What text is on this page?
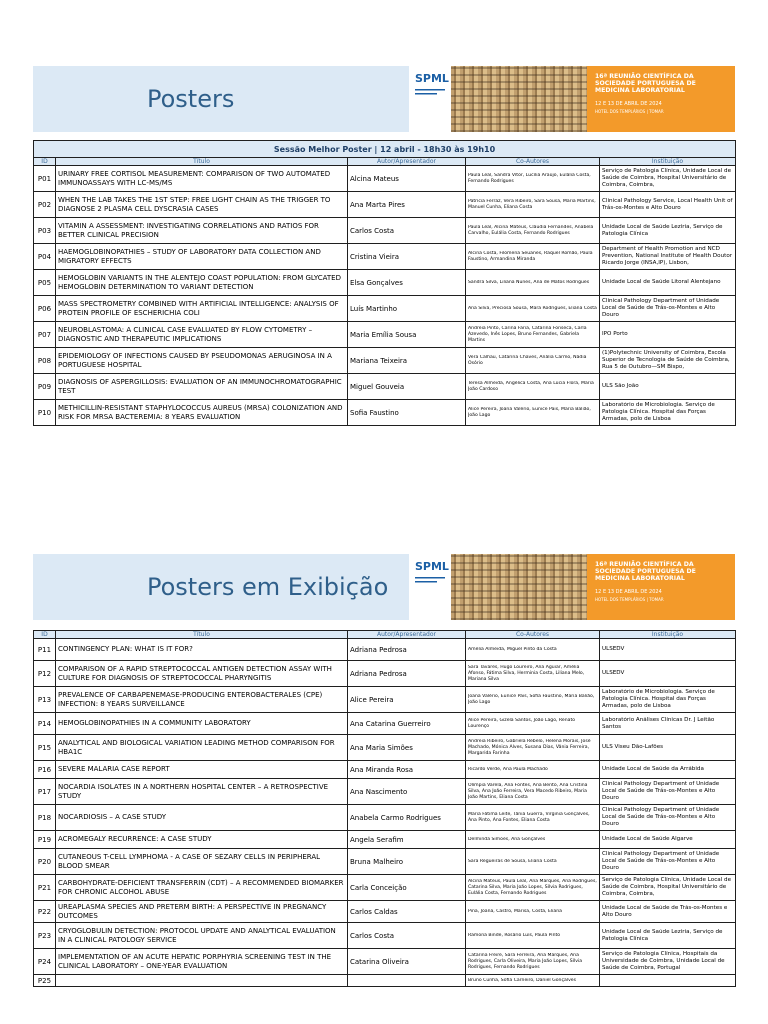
Posters
SPML	16ª REUNIÃO CIENTÍFICA DA SOCIEDADE PORTUGUESA DE MEDICINA LABORATORIAL
12 E 13 DE ABRIL DE 2024
HOTEL DOS TEMPLÁRIOS | TOMAR
Sessão Melhor Poster | 12 abril - 18h30 às 19h10				
ID	Título	Autor/Apresentador	Co-Autores	Instituição

P01	URINARY FREE CORTISOL MEASUREMENT: COMPARISON OF TWO AUTOMATED IMMUNOASSAYS WITH LC-MS/MS	Alcina Mateus	Paula Leal, Sandra Vítor, Lucília Araújo, Eulália Costa, Fernando Rodrigues	Serviço de Patologia Clínica, Unidade Local de Saúde de Coimbra, Hospital Universitário de Coimbra, Coimbra,

P02	WHEN THE LAB TAKES THE 1ST STEP: FREE LIGHT CHAIN AS THE TRIGGER TO DIAGNOSE 2 PLASMA CELL DYSCRASIA CASES	Ana Marta Pires	Patrícia Ferraz, Vera Ribeiro, Sara Sousa, Maria Martins, Manuel Cunha, Eliana Costa	Clinical Pathology Service, Local Health Unit of Trás-os-Montes e Alto Douro

P03	VITAMIN A ASSESSMENT: INVESTIGATING CORRELATIONS AND RATIOS FOR BETTER CLINICAL PRECISION	Carlos Costa	Paula Leal, Alcina Mateus, Cláudia Fernandes, Anabela Carvalho, Eulália Costa, Fernando Rodrigues	Unidade Local de Saúde Lezíria, Serviço de Patologia Clínica

P04	HAEMOGLOBINOPATHIES – STUDY OF LABORATORY DATA COLLECTION AND MIGRATORY EFFECTS	Cristina Vieira	Alcina Costa, Filomena Seuanes, Raquel Romão, Paula Faustino, Armandina Miranda	Department of Health Promotion and NCD Prevention, National Institute of Health Doutor Ricardo Jorge (INSA,IP), Lisbon,

P05	HEMOGLOBIN VARIANTS IN THE ALENTEJO COAST POPULATION: FROM GLYCATED HEMOGLOBIN DETERMINATION TO VARIANT DETECTION	Elsa Gonçalves	Sandra Silva, Liliana Nunes, Ana de Matos Rodrigues	Unidade Local de Saúde Litoral Alentejano

P06	MASS SPECTROMETRY COMBINED WITH ARTIFICIAL INTELLIGENCE: ANALYSIS OF PROTEIN PROFILE OF ESCHERICHIA COLI	Luís Martinho	Ana Silva, Preciosa Sousa, Mara Rodrigues, Eliana Costa	Clinical Pathology Department of Unidade Local de Saúde de Trás-os-Montes e Alto Douro

P07	NEUROBLASTOMA: A CLINICAL CASE EVALUATED BY FLOW CYTOMETRY – DIAGNOSTIC AND THERAPEUTIC IMPLICATIONS	Maria Emília Sousa	Andreia Pinto, Carina Faria, Catarina Fonseca, Carla Azevedo, Inês Lopes, Bruno Fernandes, Gabriela Martins	IPO Porto

P08	EPIDEMIOLOGY OF INFECTIONS CAUSED BY PSEUDOMONAS AERUGINOSA IN A PORTUGUESE HOSPITAL	Mariana Teixeira	Vera Calhau, Catarina Chaves, Anália Carmo, Nádia Osório	(1)Polytechnic University of Coimbra, Escola Superior de Tecnologia de Saúde de Coimbra, Rua 5 de Outubro—SM Bispo,

P09	DIAGNOSIS OF ASPERGILLOSIS: EVALUATION OF AN IMMUNOCHROMATOGRAPHIC TEST	Miguel Gouveia	Teresa Almeida, Angélica Costa, Ana Lúcia Flora, Maria João Cardoso	ULS São João

P10	METHICILLIN-RESISTANT STAPHYLOCOCCUS AUREUS (MRSA) COLONIZATION AND RISK FOR MRSA BACTEREMIA: 8 YEARS EVALUATION	Sofia Faustino	Alice Pereira, Joana Valério, Eunice Pais, Maria Balião, João Lago	Laboratório de Microbiologia. Serviço de Patologia Clínica. Hospital das Forças Armadas, polo de Lisboa
Posters em Exibição
SPML	16ª REUNIÃO CIENTÍFICA DA SOCIEDADE PORTUGUESA DE MEDICINA LABORATORIAL
12 E 13 DE ABRIL DE 2024
HOTEL DOS TEMPLÁRIOS | TOMAR
ID	Título	Autor/Apresentador	Co-Autores	Instituição

P11	CONTINGENCY PLAN: WHAT IS IT FOR?	Adriana Pedrosa	Amélia Almeida, Miguel Pinto da Costa	ULSEDV

P12	COMPARISON OF A RAPID STREPTOCOCCAL ANTIGEN DETECTION ASSAY WITH CULTURE FOR DIAGNOSIS OF STREPTOCOCCAL PHARYNGITIS	Adriana Pedrosa	Sara Tavares, Hugo Loureiro, Ana Aguiar, Amélia Afonso, Fátima Silva, Herminia Costa, Liliana Melo, Mariana Silva	ULSEDV

P13	PREVALENCE OF CARBAPENEMASE-PRODUCING ENTEROBACTERALES (CPE) INFECTION: 8 YEARS SURVEILLANCE	Alice Pereira	Joana Valério, Eunice Pais, Sofia Faustino, Maria Balião, João Lago	Laboratório de Microbiologia. Serviço de Patologia Clínica. Hospital das Forças Armadas, polo de Lisboa

P14	HEMOGLOBINOPATHIES IN A COMMUNITY LABORATORY	Ana Catarina Guerreiro	Alice Pereira, Gizela Santos, João Lago, Renato Lourenço	Laboratório Análises Clínicas Dr. J Leitão Santos

P15	ANALYTICAL AND BIOLOGICAL VARIATION LEADING METHOD COMPARISON FOR HBA1C	Ana Maria Simões	Andreia Ribeiro, Gabriela Rebelo, Helena Morais, José Machado, Mónica Alves, Susana Dias, Vânia Ferreira, Margarida Farinha	ULS Viseu Dão-Lafões

P16	SEVERE MALARIA CASE REPORT	Ana Miranda Rosa	Ricardo Verde, Ana Paula Machado	Unidade Local de Saúde da Arrábida

P17	NOCARDIA ISOLATES IN A NORTHERN HOSPITAL CENTER – A RETROSPECTIVE STUDY	Ana Nascimento	Olímpia Varela, Ana Fontes, Ana Bento, Ana Cristina Silva, Ana João Ferreira, Vera Macedo Ribeiro, Maria João Martins, Eliana Costa	Clinical Pathology Department of Unidade Local de Saúde de Trás-os-Montes e Alto Douro

P18	NOCARDIOSIS – A CASE STUDY	Anabela Carmo Rodrigues	Maria Fátima Leite, Tânia Guerra, Virginia Gonçalves, Ana Pinto, Ana Fontes, Eliana Costa	Clinical Pathology Department of Unidade Local de Saúde de Trás-os-Montes e Alto Douro

P19	ACROMEGALY RECURRENCE: A CASE STUDY	Angela Serafim	Delminda Simões, Ana Gonçalves	Unidade Local de Saúde Algarve

P20	CUTANEOUS T-CELL LYMPHOMA - A CASE OF SÉZARY CELLS IN PERIPHERAL BLOOD SMEAR	Bruna Malheiro	Sara Regueiras de Sousa, Eliana Costa	Clinical Pathology Department of Unidade Local de Saúde de Trás-os-Montes e Alto Douro

P21	CARBOHYDRATE-DEFICIENT TRANSFERRIN (CDT) – A RECOMMENDED BIOMARKER FOR CHRONIC ALCOHOL ABUSE	Carla Conceição	Alcina Mateus, Paula Leal, Ana Marques, Ana Rodrigues, Catarina Silva, Maria João Lopes, Sílvia Rodrigues, Eulália Costa, Fernando Rodrigues	Serviço de Patologia Clínica, Unidade Local de Saúde de Coimbra, Hospital Universitário de Coimbra, Coimbra,

P22	UREAPLASMA SPECIES AND PRETERM BIRTH: A PERSPECTIVE IN PREGNANCY OUTCOMES	Carlos Caldas	Pina, Joana, Castro, Marisa, Costa, Eliana	Unidade Local de Saúde de Trás-os-Montes e Alto Douro

P23	CRYOGLOBULIN DETECTION: PROTOCOL UPDATE AND ANALYTICAL EVALUATION IN A CLINICAL PATOLOGY SERVICE	Carlos Costa	Ramona Binde, Rosário Luís, Paula Pinto	Unidade Local de Saúde Lezíria, Serviço de Patologia Clínica

P24	IMPLEMENTATION OF AN ACUTE HEPATIC PORPHYRIA SCREENING TEST IN THE CLINICAL LABORATORY – ONE-YEAR EVALUATION	Catarina Oliveira	Catarina Freire, Sara Ferreira, Ana Marques, Ana Rodrigues, Carla Oliveira, Maria João Lopes, Sílvia Rodrigues, Fernando Rodrigues	Serviço de Patologia Clínica, Hospitais da Universidade de Coimbra, Unidade Local de Saúde de Coimbra, Portugal

P25			Bruno Cunha, Sofia Carneiro, Daniel Gonçalves	
